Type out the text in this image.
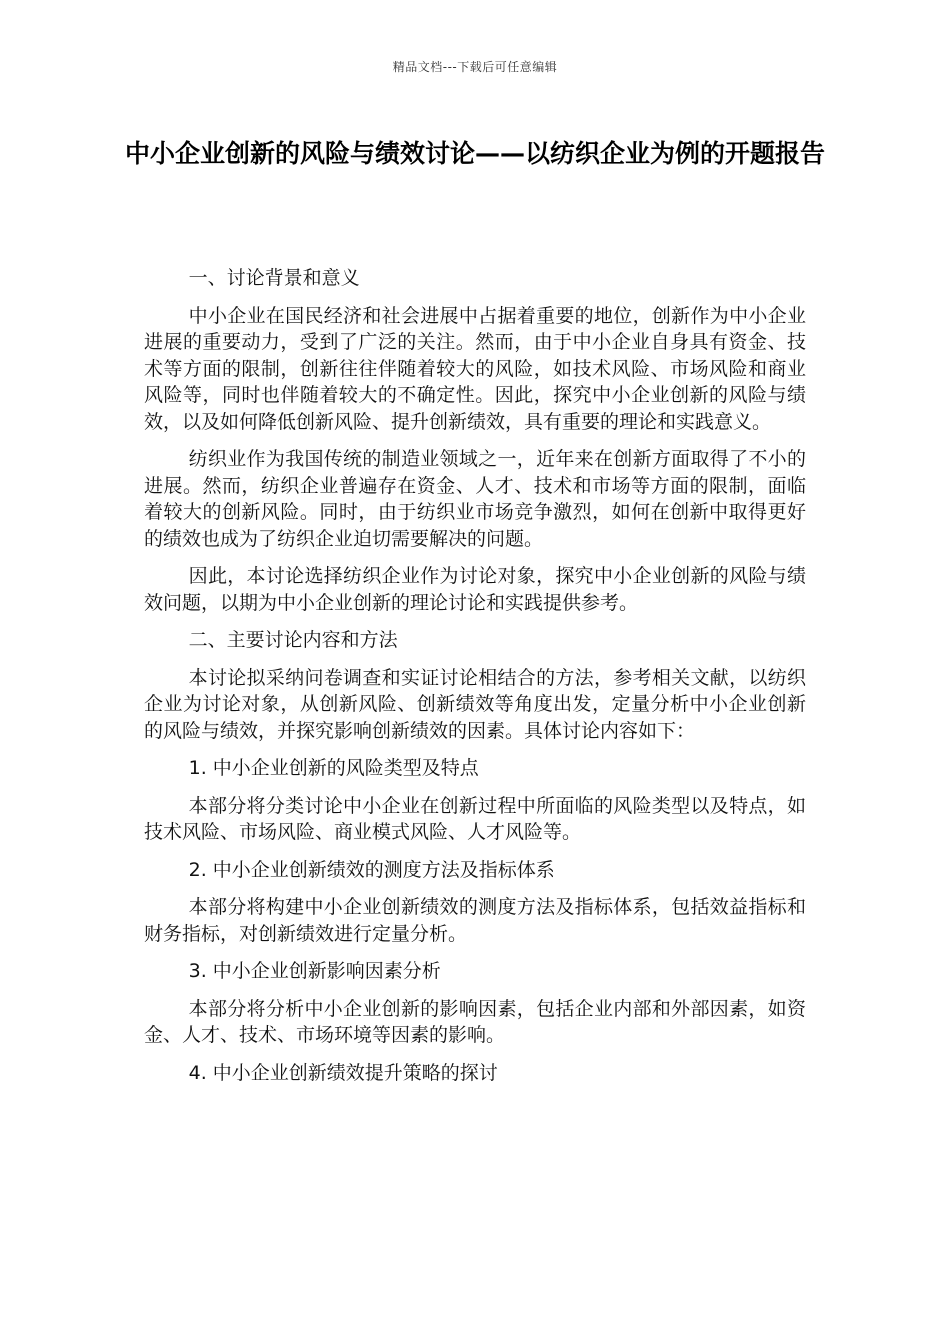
精品文档---下载后可任意编辑
中小企业创新的风险与绩效讨论——以纺织企业为例的开题报告

一、讨论背景和意义

中小企业在国民经济和社会进展中占据着重要的地位，创新作为中小企业进展的重要动力，受到了广泛的关注。然而，由于中小企业自身具有资金、技术等方面的限制，创新往往伴随着较大的风险，如技术风险、市场风险和商业风险等，同时也伴随着较大的不确定性。因此，探究中小企业创新的风险与绩效，以及如何降低创新风险、提升创新绩效，具有重要的理论和实践意义。

纺织业作为我国传统的制造业领域之一，近年来在创新方面取得了不小的进展。然而，纺织企业普遍存在资金、人才、技术和市场等方面的限制，面临着较大的创新风险。同时，由于纺织业市场竞争激烈，如何在创新中取得更好的绩效也成为了纺织企业迫切需要解决的问题。

因此，本讨论选择纺织企业作为讨论对象，探究中小企业创新的风险与绩效问题，以期为中小企业创新的理论讨论和实践提供参考。

二、主要讨论内容和方法

本讨论拟采纳问卷调查和实证讨论相结合的方法，参考相关文献，以纺织企业为讨论对象，从创新风险、创新绩效等角度出发，定量分析中小企业创新的风险与绩效，并探究影响创新绩效的因素。具体讨论内容如下：

1. 中小企业创新的风险类型及特点

本部分将分类讨论中小企业在创新过程中所面临的风险类型以及特点，如技术风险、市场风险、商业模式风险、人才风险等。

2. 中小企业创新绩效的测度方法及指标体系

本部分将构建中小企业创新绩效的测度方法及指标体系，包括效益指标和财务指标，对创新绩效进行定量分析。

3. 中小企业创新影响因素分析

本部分将分析中小企业创新的影响因素，包括企业内部和外部因素，如资金、人才、技术、市场环境等因素的影响。

4. 中小企业创新绩效提升策略的探讨
